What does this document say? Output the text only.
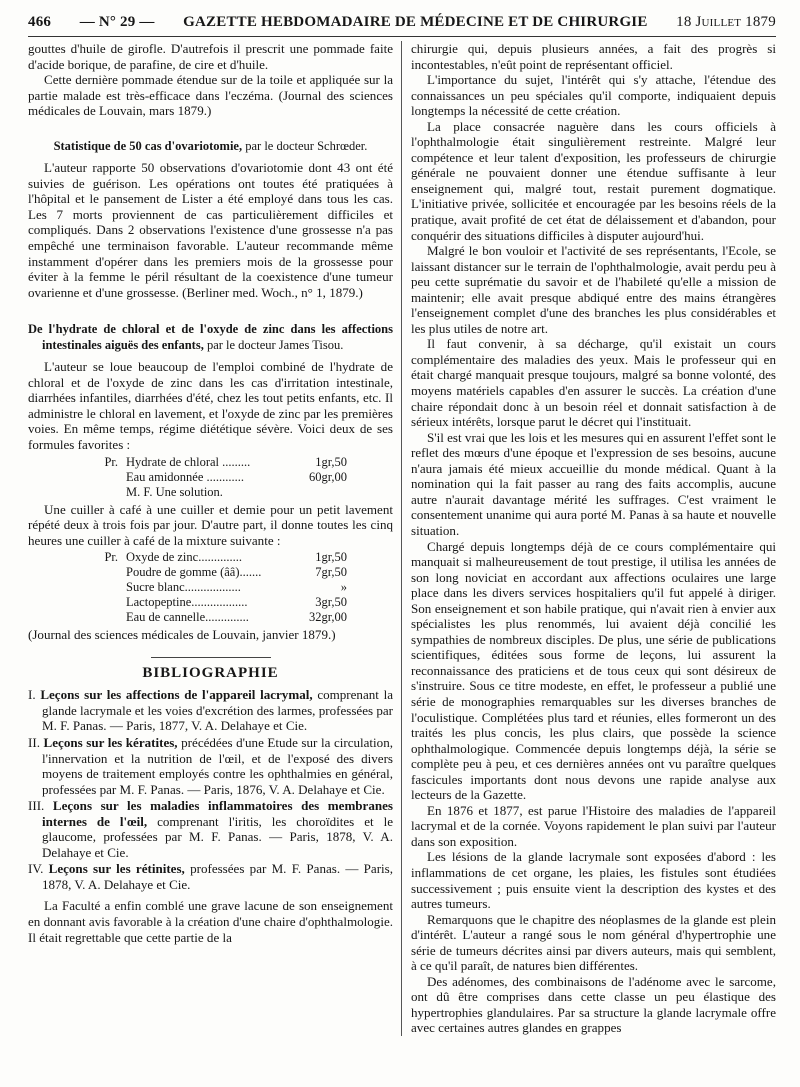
466 — N° 29 — GAZETTE HEBDOMADAIRE DE MÉDECINE ET DE CHIRURGIE 18 Juillet 1879

gouttes d'huile de girofle. D'autrefois il prescrit une pommade faite d'acide borique, de parafine, de cire et d'huile.

Cette dernière pommade étendue sur de la toile et appliquée sur la partie malade est très-efficace dans l'eczéma. (Journal des sciences médicales de Louvain, mars 1879.)

Statistique de 50 cas d'ovariotomie, par le docteur Schrœder.

L'auteur rapporte 50 observations d'ovariotomie dont 43 ont été suivies de guérison. Les opérations ont toutes été pratiquées à l'hôpital et le pansement de Lister a été employé dans tous les cas. Les 7 morts proviennent de cas particulièrement difficiles et compliqués. Dans 2 observations l'existence d'une grossesse n'a pas empêché une terminaison favorable. L'auteur recommande même instamment d'opérer dans les premiers mois de la grossesse pour éviter à la femme le péril résultant de la coexistence d'une tumeur ovarienne et d'une grossesse. (Berliner med. Woch., n° 1, 1879.)

De l'hydrate de chloral et de l'oxyde de zinc dans les affections intestinales aiguës des enfants, par le docteur James Tisou.

L'auteur se loue beaucoup de l'emploi combiné de l'hydrate de chloral et de l'oxyde de zinc dans les cas d'irritation intestinale, diarrhées infantiles, diarrhées d'été, chez les tout petits enfants, etc. Il administre le chloral en lavement, et l'oxyde de zinc par les premières voies. En même temps, régime diététique sévère. Voici deux de ses formules favorites :

Pr. Hydrate de chloral .........	1gr,50
Eau amidonnée ............	60gr,00
M. F. Une solution.

Une cuiller à café à une cuiller et demie pour un petit lavement répété deux à trois fois par jour. D'autre part, il donne toutes les cinq heures une cuiller à café de la mixture suivante :

Pr. Oxyde de zinc..............	1gr,50
Poudre de gomme (ââ).......	7gr,50
Sucre blanc..................	»
Lactopeptine..................	3gr,50
Eau de cannelle..............	32gr,00

(Journal des sciences médicales de Louvain, janvier 1879.)

BIBLIOGRAPHIE

I. Leçons sur les affections de l'appareil lacrymal, comprenant la glande lacrymale et les voies d'excrétion des larmes, professées par M. F. Panas. — Paris, 1877, V. A. Delahaye et Cie.

II. Leçons sur les kératites, précédées d'une Etude sur la circulation, l'innervation et la nutrition de l'œil, et de l'exposé des divers moyens de traitement employés contre les ophthalmies en général, professées par M. F. Panas. — Paris, 1876, V. A. Delahaye et Cie.

III. Leçons sur les maladies inflammatoires des membranes internes de l'œil, comprenant l'iritis, les choroïdites et le glaucome, professées par M. F. Panas. — Paris, 1878, V. A. Delahaye et Cie.

IV. Leçons sur les rétinites, professées par M. F. Panas. — Paris, 1878, V. A. Delahaye et Cie.

La Faculté a enfin comblé une grave lacune de son enseignement en donnant avis favorable à la création d'une chaire d'ophthalmologie. Il était regrettable que cette partie de la

chirurgie qui, depuis plusieurs années, a fait des progrès si incontestables, n'eût point de représentant officiel.

L'importance du sujet, l'intérêt qui s'y attache, l'étendue des connaissances un peu spéciales qu'il comporte, indiquaient depuis longtemps la nécessité de cette création.

La place consacrée naguère dans les cours officiels à l'ophthalmologie était singulièrement restreinte. Malgré leur compétence et leur talent d'exposition, les professeurs de chirurgie générale ne pouvaient donner une étendue suffisante à leur enseignement qui, malgré tout, restait purement dogmatique. L'initiative privée, sollicitée et encouragée par les besoins réels de la pratique, avait profité de cet état de délaissement et d'abandon, pour conquérir des situations difficiles à disputer aujourd'hui.

Malgré le bon vouloir et l'activité de ses représentants, l'Ecole, se laissant distancer sur le terrain de l'ophthalmologie, avait perdu peu à peu cette suprématie du savoir et de l'habileté qu'elle a mission de maintenir; elle avait presque abdiqué entre des mains étrangères l'enseignement complet d'une des branches les plus considérables et les plus utiles de notre art.

Il faut convenir, à sa décharge, qu'il existait un cours complémentaire des maladies des yeux. Mais le professeur qui en était chargé manquait presque toujours, malgré sa bonne volonté, des moyens matériels capables d'en assurer le succès. La création d'une chaire répondait donc à un besoin réel et donnait satisfaction à de sérieux intérêts, lorsque parut le décret qui l'instituait.

S'il est vrai que les lois et les mesures qui en assurent l'effet sont le reflet des mœurs d'une époque et l'expression de ses besoins, aucune n'aura jamais été mieux accueillie du monde médical. Quant à la nomination qui la fait passer au rang des faits accomplis, aucune autre n'aurait davantage mérité les suffrages. C'est vraiment le consentement unanime qui aura porté M. Panas à sa haute et nouvelle situation.

Chargé depuis longtemps déjà de ce cours complémentaire qui manquait si malheureusement de tout prestige, il utilisa les années de son long noviciat en accordant aux affections oculaires une large place dans les divers services hospitaliers qu'il fut appelé à diriger. Son enseignement et son habile pratique, qui n'avait rien à envier aux spécialistes les plus renommés, lui avaient déjà concilié les sympathies de nombreux disciples. De plus, une série de publications scientifiques, éditées sous forme de leçons, lui assurent la reconnaissance des praticiens et de tous ceux qui sont désireux de s'instruire. Sous ce titre modeste, en effet, le professeur a publié une série de monographies remarquables sur les diverses branches de l'oculistique. Complétées plus tard et réunies, elles formeront un des traités les plus concis, les plus clairs, que possède la science ophthalmologique. Commencée depuis longtemps déjà, la série se complète peu à peu, et ces dernières années ont vu paraître quelques fascicules importants dont nous devons une rapide analyse aux lecteurs de la Gazette.

En 1876 et 1877, est parue l'Histoire des maladies de l'appareil lacrymal et de la cornée. Voyons rapidement le plan suivi par l'auteur dans son exposition.

Les lésions de la glande lacrymale sont exposées d'abord : les inflammations de cet organe, les plaies, les fistules sont étudiées successivement ; puis ensuite vient la description des kystes et des autres tumeurs.

Remarquons que le chapitre des néoplasmes de la glande est plein d'intérêt. L'auteur a rangé sous le nom général d'hypertrophie une série de tumeurs décrites ainsi par divers auteurs, mais qui semblent, à ce qu'il paraît, de natures bien différentes.

Des adénomes, des combinaisons de l'adénome avec le sarcome, ont dû être comprises dans cette classe un peu élastique des hypertrophies glandulaires. Par sa structure la glande lacrymale offre avec certaines autres glandes en grappes
